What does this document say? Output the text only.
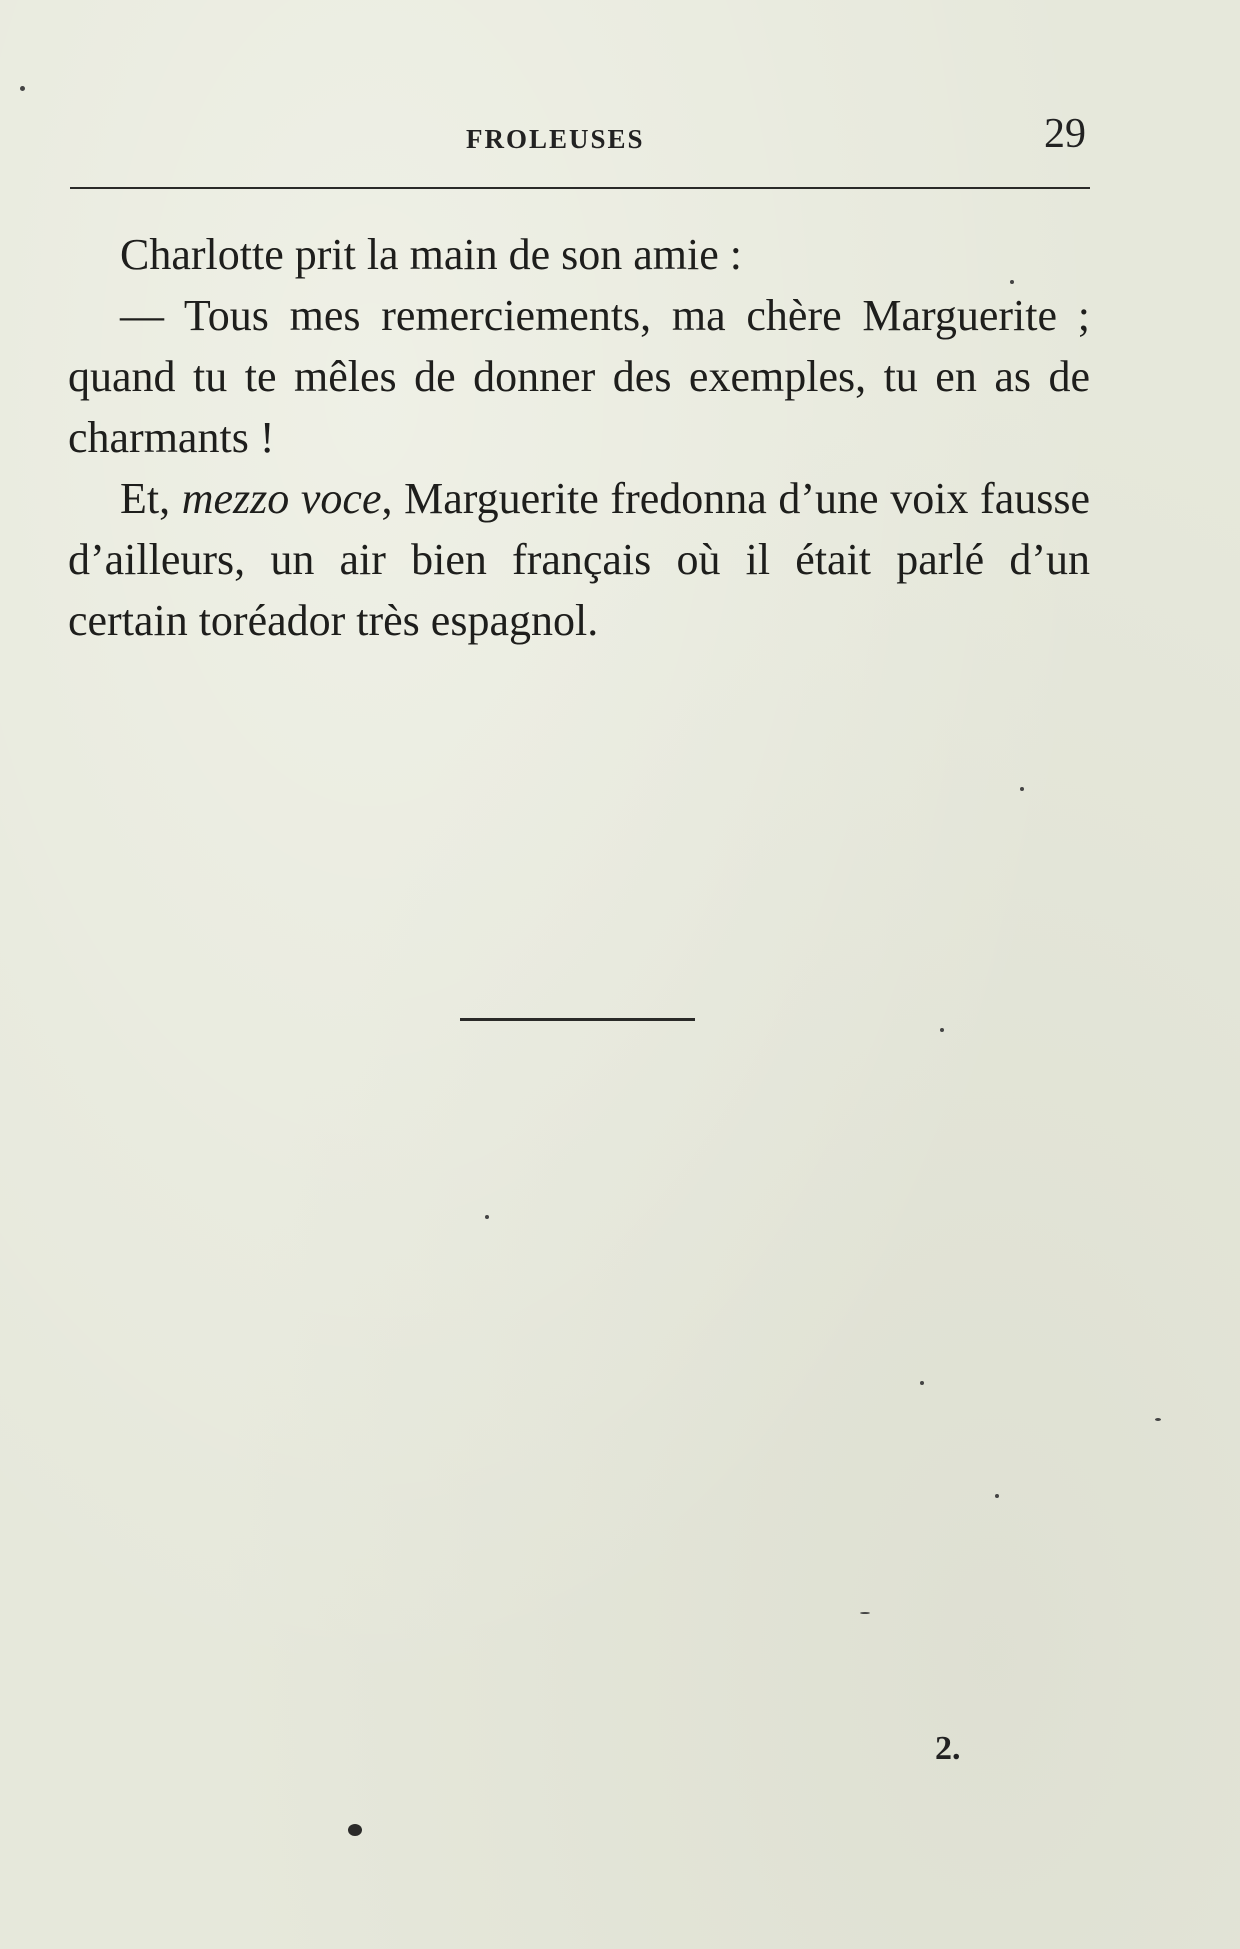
FROLEUSES	29

Charlotte prit la main de son amie :

— Tous mes remerciements, ma chère Marguerite ; quand tu te mêles de donner des exemples, tu en as de charmants !

Et, mezzo voce, Marguerite fredonna d’une voix fausse d’ailleurs, un air bien français où il était parlé d’un certain toréador très espagnol.

2.
